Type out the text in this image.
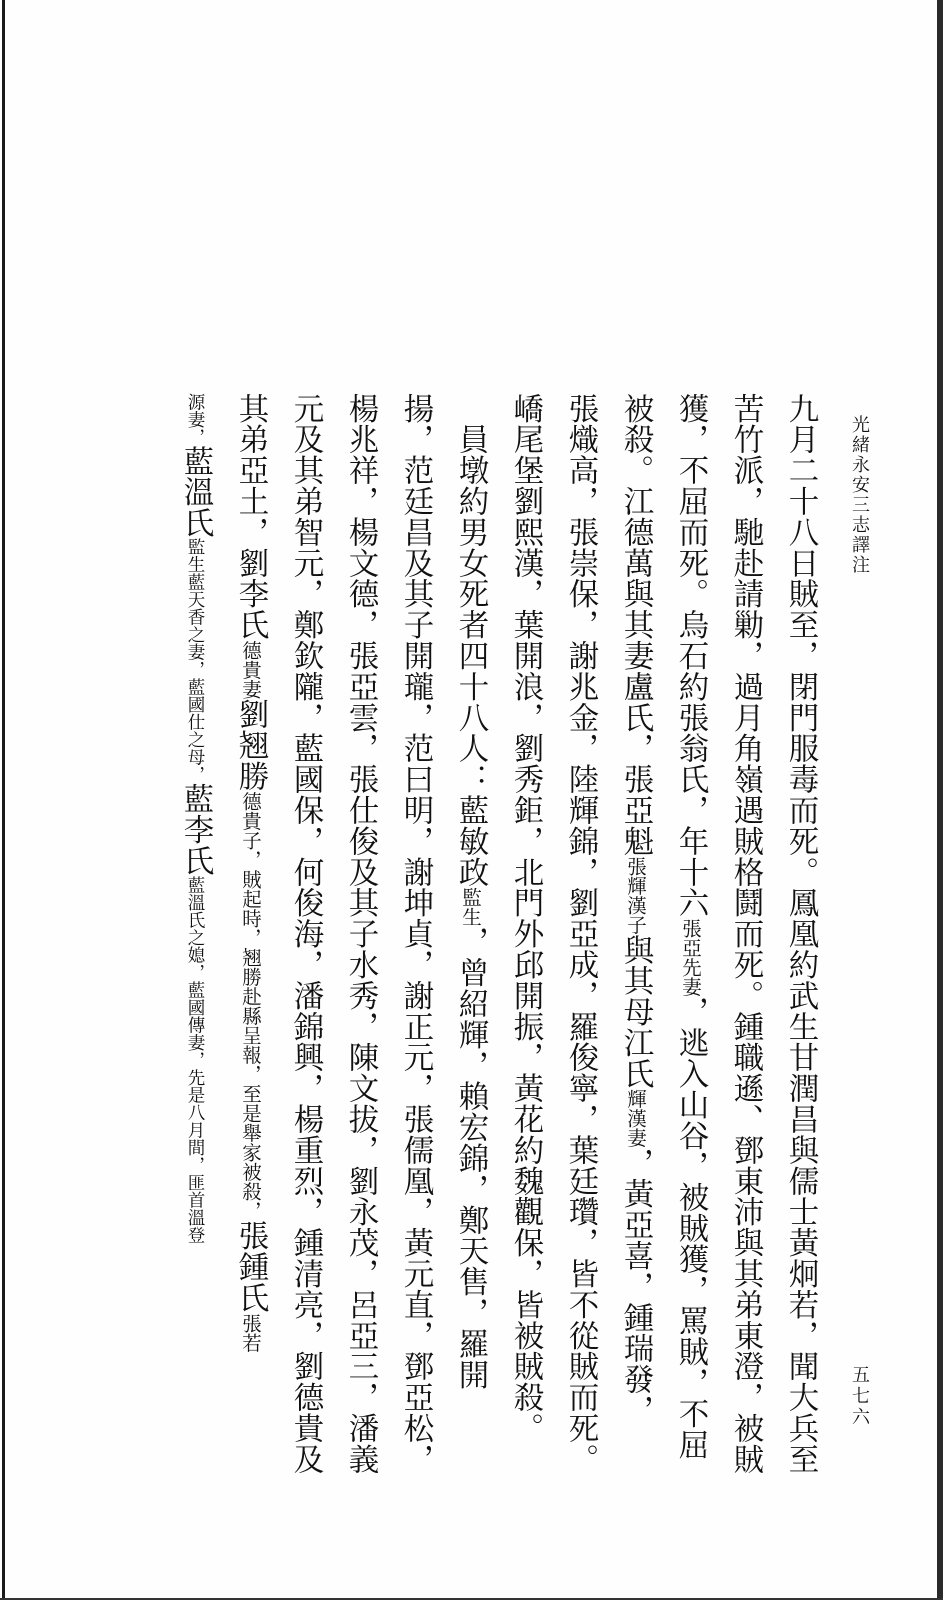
光緒永安三志譯注
五七六
九月二十八日賊至，閉門服毒而死。鳳凰約武生甘潤昌與儒士黃炯若，聞大兵至
苦竹派，馳赴請勦，過月角嶺遇賊格鬪而死。鍾職遜、鄧東沛與其弟東澄，被賊
獲，不屈而死。烏石約張翁氏，年十六張亞先妻，逃入山谷，被賊獲，罵賊，不屈
被殺。江德萬與其妻盧氏，張亞魁張輝漢子與其母江氏輝漢妻，黃亞喜，鍾瑞發，
張熾高，張崇保，謝兆金，陸輝錦，劉亞成，羅俊寧，葉廷瓚，皆不從賊而死。
嶠尾堡劉熙漢，葉開浪，劉秀鉅，北門外邱開振，黃花約魏觀保，皆被賊殺。
　員墩約男女死者四十八人：藍敏政監生，曾紹輝，賴宏錦，鄭天售，羅開
揚，范廷昌及其子開瓏，范曰明，謝坤貞，謝正元，張儒凰，黃元直，鄧亞松，
楊兆祥，楊文德，張亞雲，張仕俊及其子水秀，陳文拔，劉永茂，呂亞三，潘義
元及其弟智元，鄭欽隴，藍國保，何俊海，潘錦興，楊重烈，鍾清亮，劉德貴及
其弟亞土，劉李氏德貴妻劉翘勝德貴子，賊起時，翘勝赴縣呈報，至是舉家被殺，張鍾氏張若
源妻，藍溫氏監生藍天香之妻，藍國仕之母，藍李氏藍溫氏之媳，藍國傳妻，先是八月間，匪首溫登
